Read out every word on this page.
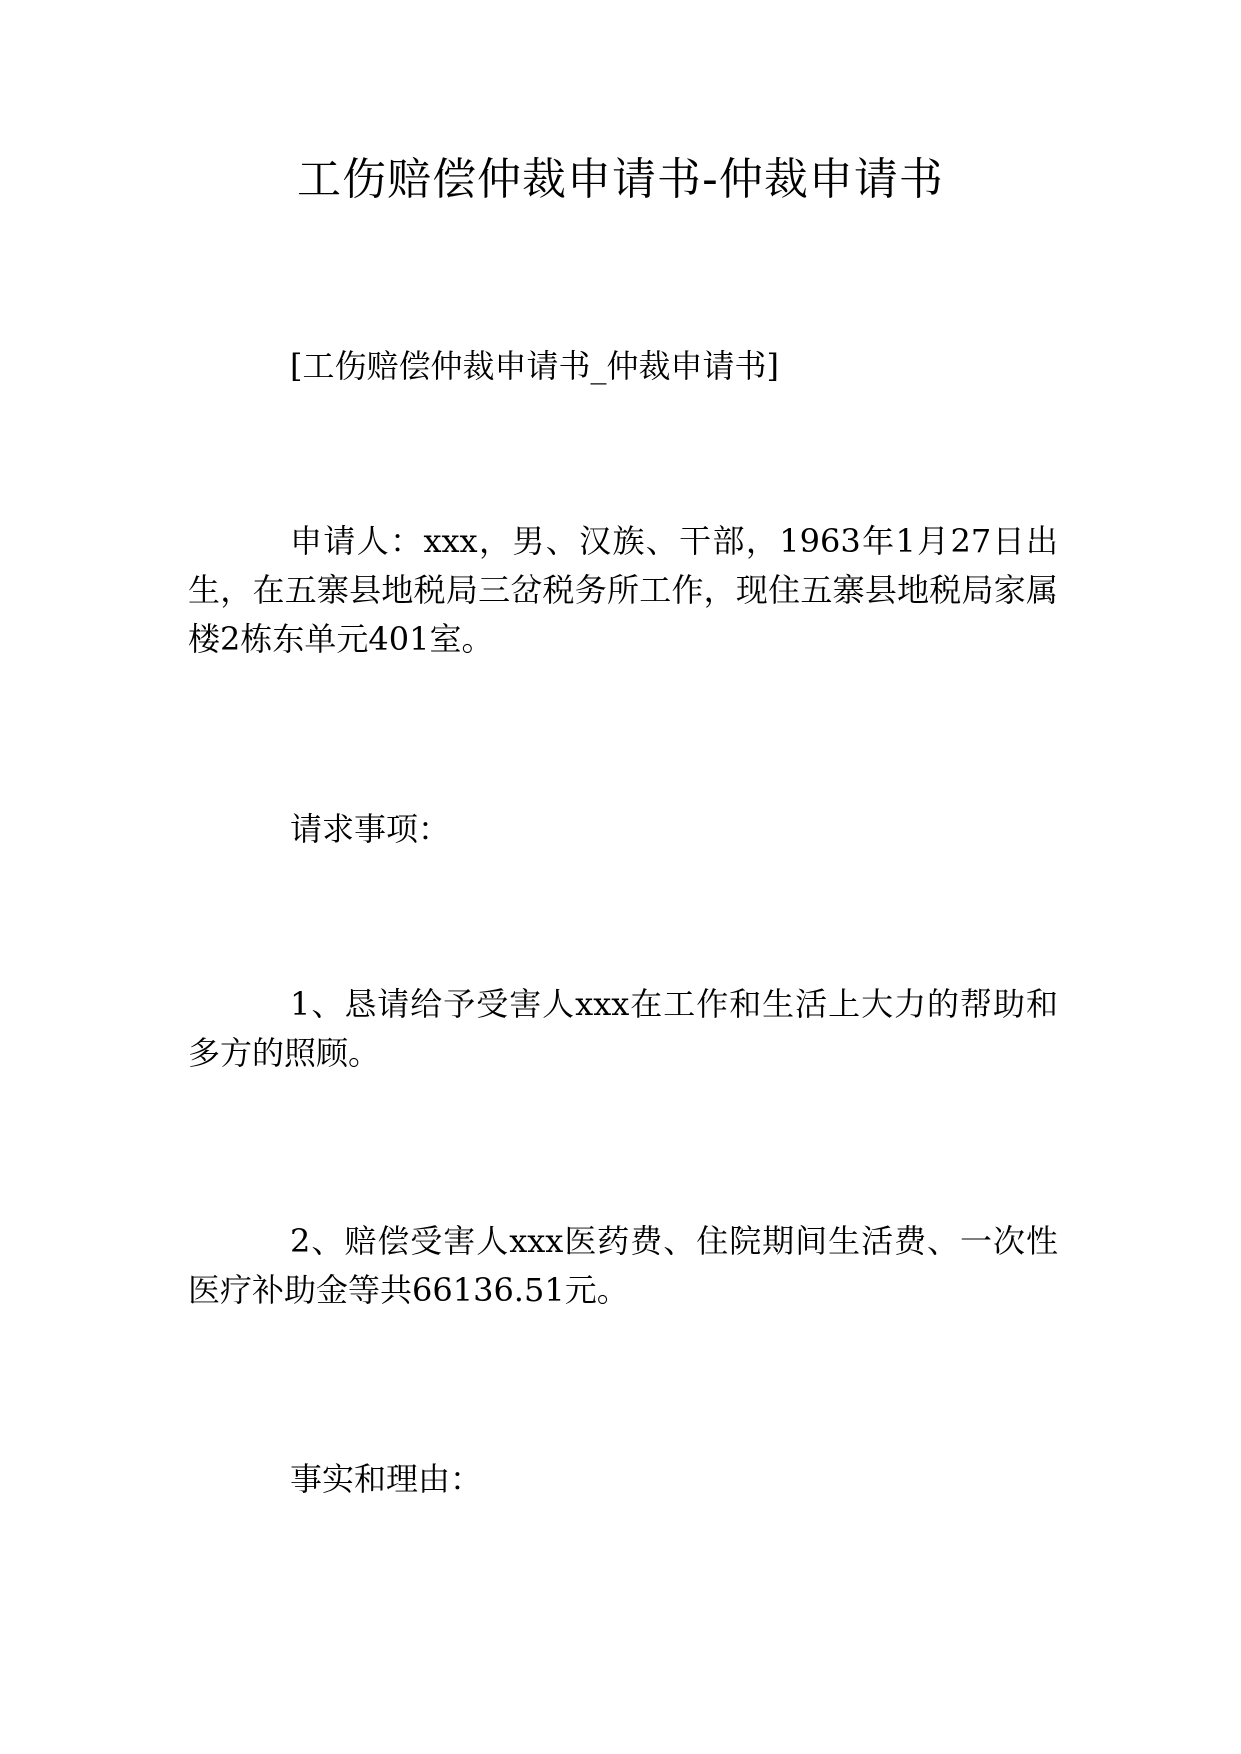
工伤赔偿仲裁申请书-仲裁申请书

[工伤赔偿仲裁申请书_仲裁申请书]

申请人：xxx，男、汉族、干部，1963年1月27日出生，在五寨县地税局三岔税务所工作，现住五寨县地税局家属楼2栋东单元401室。

请求事项：

1、恳请给予受害人xxx在工作和生活上大力的帮助和多方的照顾。

2、赔偿受害人xxx医药费、住院期间生活费、一次性医疗补助金等共66136.51元。

事实和理由：
